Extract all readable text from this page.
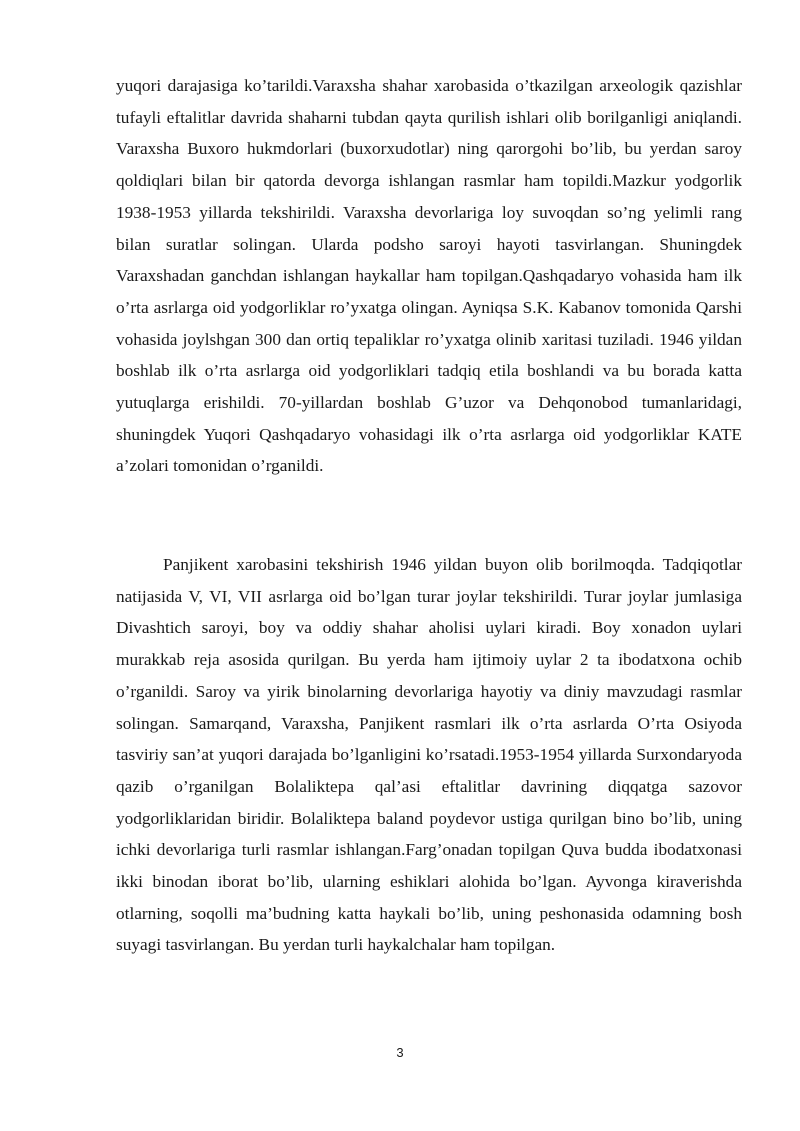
yuqori darajasiga ko’tarildi.Varaxsha shahar xarobasida o’tkazilgan arxeologik qazishlar tufayli eftalitlar davrida shaharni tubdan qayta qurilish ishlari olib borilganligi aniqlandi. Varaxsha Buxoro hukmdorlari (buxorxudotlar) ning qarorgohi bo’lib, bu yerdan saroy qoldiqlari bilan bir qatorda devorga ishlangan rasmlar ham topildi.Mazkur yodgorlik 1938-1953 yillarda tekshirildi. Varaxsha devorlariga loy suvoqdan so’ng yelimli rang bilan suratlar solingan. Ularda podsho saroyi hayoti tasvirlangan. Shuningdek Varaxshadan ganchdan ishlangan haykallar ham topilgan.Qashqadaryo vohasida ham ilk o’rta asrlarga oid yodgorliklar ro’yxatga olingan. Ayniqsa S.K. Kabanov tomonida Qarshi vohasida joylshgan 300 dan ortiq tepaliklar ro’yxatga olinib xaritasi tuziladi. 1946 yildan boshlab ilk o’rta asrlarga oid yodgorliklari tadqiq etila boshlandi va bu borada katta yutuqlarga erishildi. 70-yillardan boshlab G’uzor va Dehqonobod tumanlaridagi, shuningdek Yuqori Qashqadaryo vohasidagi ilk o’rta asrlarga oid yodgorliklar KATE a’zolari tomonidan o’rganildi.

Panjikent xarobasini tekshirish 1946 yildan buyon olib borilmoqda. Tadqiqotlar natijasida V, VI, VII asrlarga oid bo’lgan turar joylar tekshirildi. Turar joylar jumlasiga Divashtich saroyi, boy va oddiy shahar aholisi uylari kiradi. Boy xonadon uylari murakkab reja asosida qurilgan. Bu yerda ham ijtimoiy uylar 2 ta ibodatxona ochib o’rganildi. Saroy va yirik binolarning devorlariga hayotiy va diniy mavzudagi rasmlar solingan. Samarqand, Varaxsha, Panjikent rasmlari ilk o’rta asrlarda O’rta Osiyoda tasviriy san’at yuqori darajada bo’lganligini ko’rsatadi.1953-1954 yillarda Surxondaryoda qazib o’rganilgan Bolaliktepa qal’asi eftalitlar davrining diqqatga sazovor yodgorliklaridan biridir. Bolaliktepa baland poydevor ustiga qurilgan bino bo’lib, uning ichki devorlariga turli rasmlar ishlangan.Farg’onadan topilgan Quva budda ibodatxonasi ikki binodan iborat bo’lib, ularning eshiklari alohida bo’lgan. Ayvonga kiraverishda otlarning, soqolli ma’budning katta haykali bo’lib, uning peshonasida odamning bosh suyagi tasvirlangan. Bu yerdan turli haykalchalar ham topilgan.

3
